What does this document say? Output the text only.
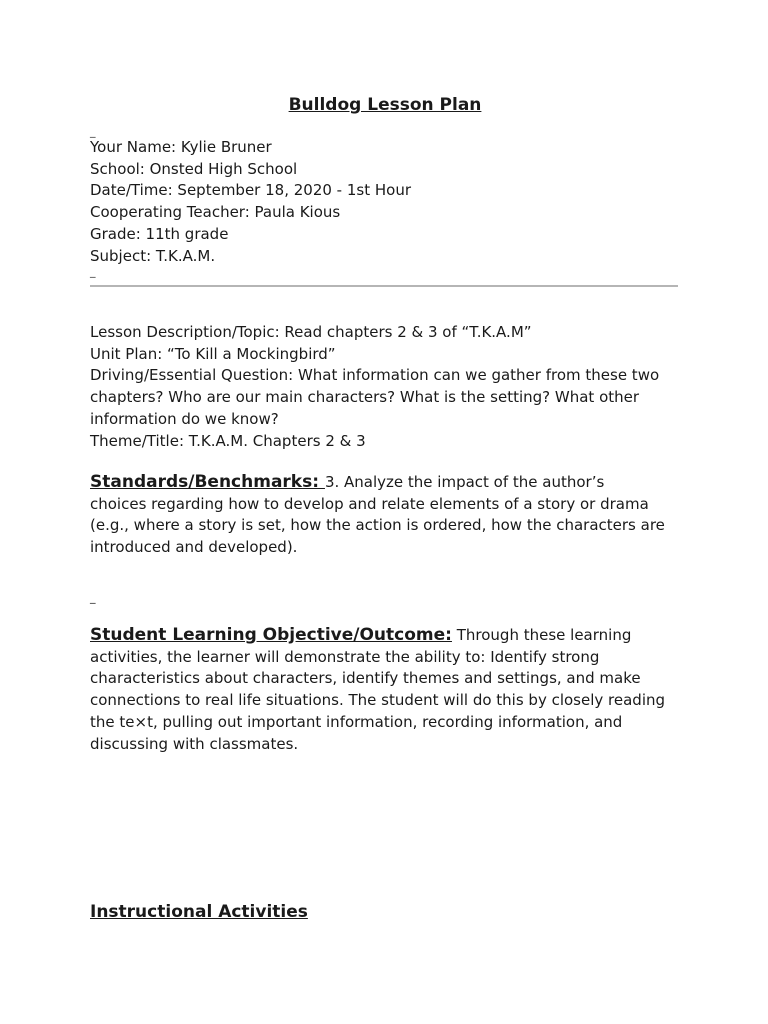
Bulldog Lesson Plan
_
Your Name: Kylie Bruner
School: Onsted High School
Date/Time: September 18, 2020 - 1st Hour
Cooperating Teacher: Paula Kious
Grade: 11th grade
Subject: T.K.A.M.
_
Lesson Description/Topic: Read chapters 2 & 3 of “T.K.A.M”
Unit Plan: “To Kill a Mockingbird”
Driving/Essential Question: What information can we gather from these two
chapters? Who are our main characters? What is the setting? What other
information do we know?
Theme/Title: T.K.A.M. Chapters 2 & 3
Standards/Benchmarks: 3. Analyze the impact of the author’s
choices regarding how to develop and relate elements of a story or drama
(e.g., where a story is set, how the action is ordered, how the characters are
introduced and developed).
_
Student Learning Objective/Outcome: Through these learning
activities, the learner will demonstrate the ability to: Identify strong
characteristics about characters, identify themes and settings, and make
connections to real life situations. The student will do this by closely reading
the te×t, pulling out important information, recording information, and
discussing with classmates.
Instructional Activities
